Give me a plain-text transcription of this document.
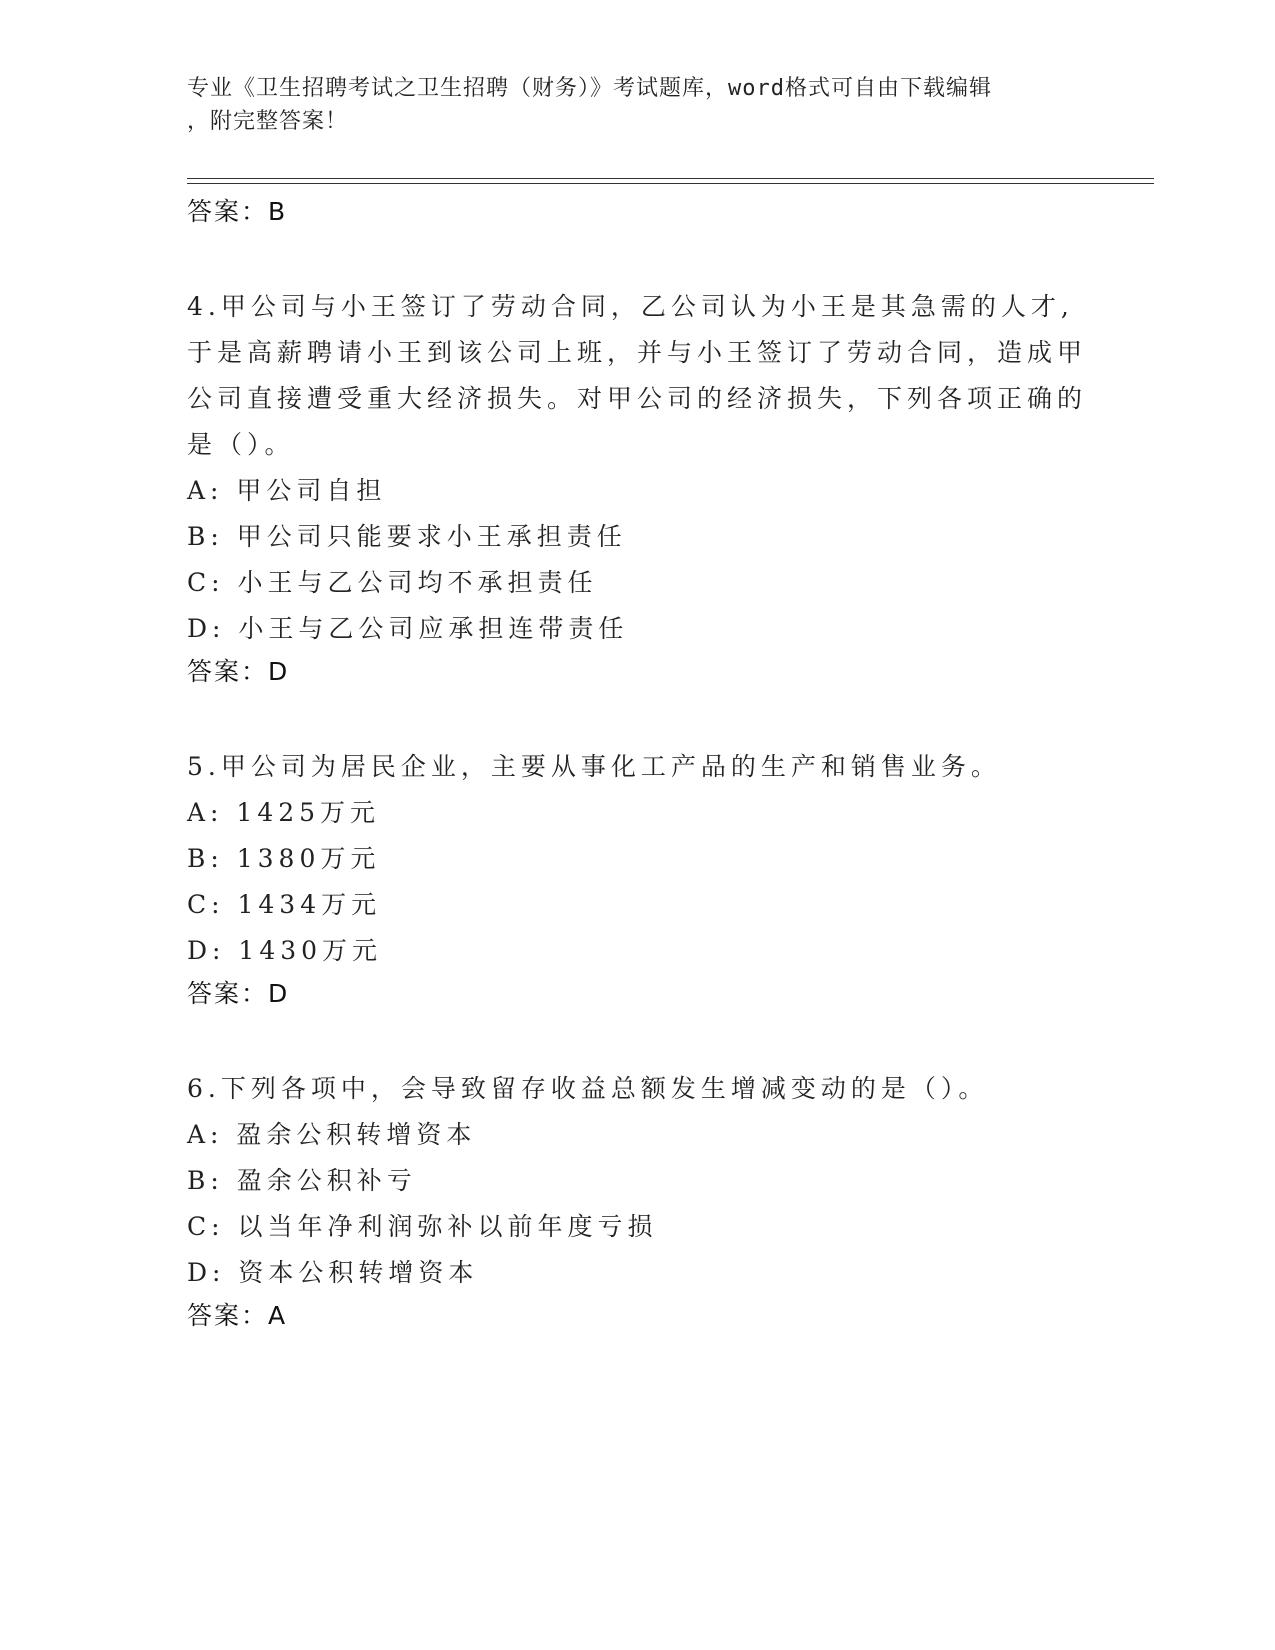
专业《卫生招聘考试之卫生招聘（财务）》考试题库，word格式可自由下载编辑
，附完整答案！
答案：B

4.甲公司与小王签订了劳动合同，乙公司认为小王是其急需的人才,于是高薪聘请小王到该公司上班，并与小王签订了劳动合同，造成甲公司直接遭受重大经济损失。对甲公司的经济损失，下列各项正确的是（）。

A: 甲公司自担
B: 甲公司只能要求小王承担责任
C: 小王与乙公司均不承担责任
D: 小王与乙公司应承担连带责任
答案：D

5.甲公司为居民企业，主要从事化工产品的生产和销售业务。

A: 1425万元
B: 1380万元
C: 1434万元
D: 1430万元
答案：D

6.下列各项中，会导致留存收益总额发生增减变动的是（）。

A: 盈余公积转增资本
B: 盈余公积补亏
C: 以当年净利润弥补以前年度亏损
D: 资本公积转增资本
答案：A
